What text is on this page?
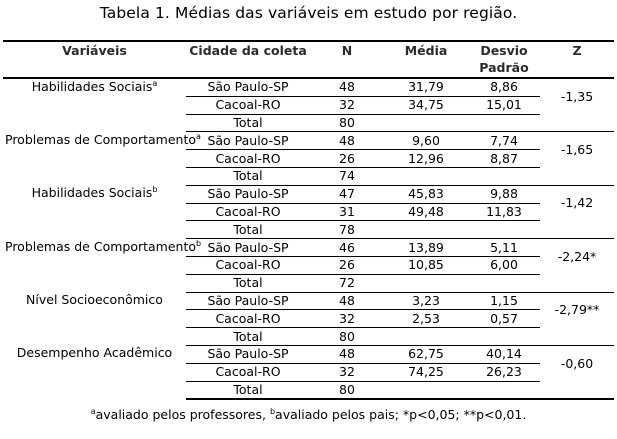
Tabela 1. Médias das variáveis em estudo por região.
Variáveis	Cidade da coleta	N	Média	Desvio Padrão	Z
Habilidades Sociais$^a$	São Paulo-SP	48	31,79	8,86	-1,35
	Cacoal-RO	32	34,75	15,01	
	Total	80			
Problemas de Comportamento$^a$	São Paulo-SP	48	9,60	7,74	-1,65
	Cacoal-RO	26	12,96	8,87	
	Total	74			
Habilidades Sociais$^b$	São Paulo-SP	47	45,83	9,88	-1,42
	Cacoal-RO	31	49,48	11,83	
	Total	78			
Problemas de Comportamento$^b$	São Paulo-SP	46	13,89	5,11	-2,24*
	Cacoal-RO	26	10,85	6,00	
	Total	72			
Nível Socioeconômico	São Paulo-SP	48	3,23	1,15	-2,79**
	Cacoal-RO	32	2,53	0,57	
	Total	80			
Desempenho Acadêmico	São Paulo-SP	48	62,75	40,14	-0,60
	Cacoal-RO	32	74,25	26,23	
	Total	80			
$^a$avaliado pelos professores, $^b$avaliado pelos pais; *p<0,05; **p<0,01.
